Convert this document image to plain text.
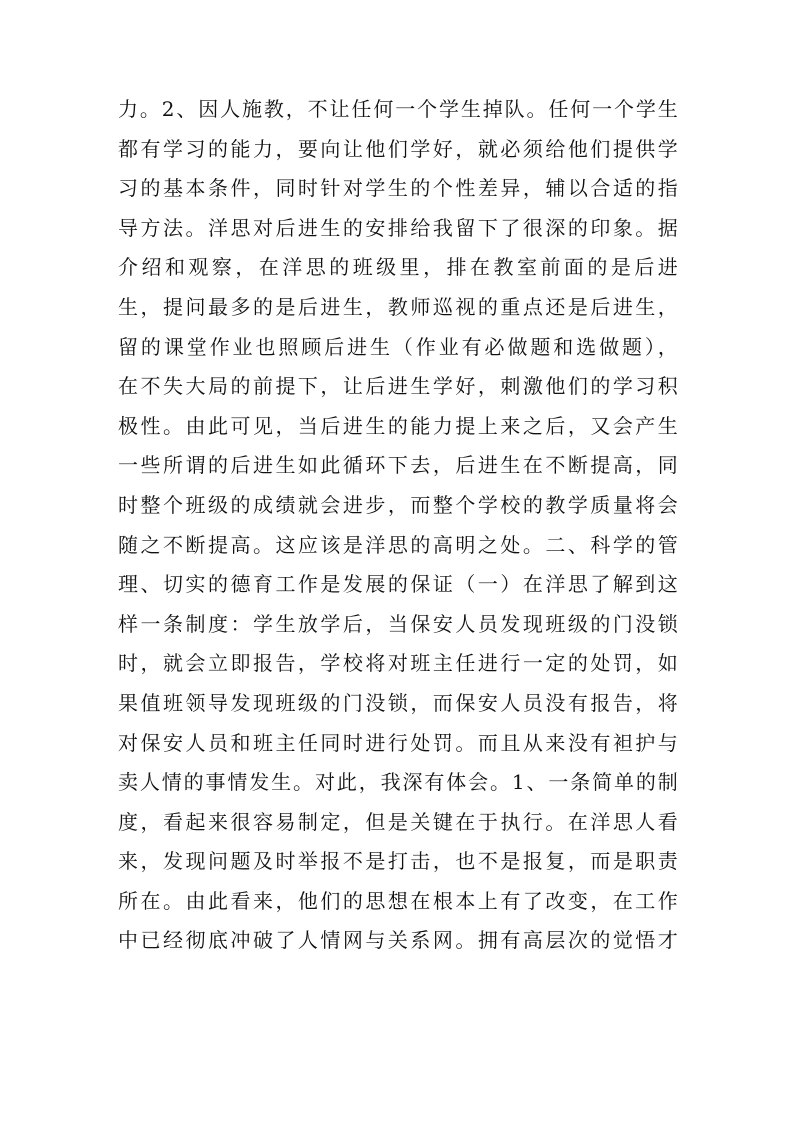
力。2、因人施教，不让任何一个学生掉队。任何一个学生
都有学习的能力，要向让他们学好，就必须给他们提供学
习的基本条件，同时针对学生的个性差异，辅以合适的指
导方法。洋思对后进生的安排给我留下了很深的印象。据
介绍和观察，在洋思的班级里，排在教室前面的是后进
生，提问最多的是后进生，教师巡视的重点还是后进生，
留的课堂作业也照顾后进生（作业有必做题和选做题），
在不失大局的前提下，让后进生学好，刺激他们的学习积
极性。由此可见，当后进生的能力提上来之后，又会产生
一些所谓的后进生如此循环下去，后进生在不断提高，同
时整个班级的成绩就会进步，而整个学校的教学质量将会
随之不断提高。这应该是洋思的高明之处。二、科学的管
理、切实的德育工作是发展的保证（一）在洋思了解到这
样一条制度：学生放学后，当保安人员发现班级的门没锁
时，就会立即报告，学校将对班主任进行一定的处罚，如
果值班领导发现班级的门没锁，而保安人员没有报告，将
对保安人员和班主任同时进行处罚。而且从来没有袒护与
卖人情的事情发生。对此，我深有体会。1、一条简单的制
度，看起来很容易制定，但是关键在于执行。在洋思人看
来，发现问题及时举报不是打击，也不是报复，而是职责
所在。由此看来，他们的思想在根本上有了改变，在工作
中已经彻底冲破了人情网与关系网。拥有高层次的觉悟才
